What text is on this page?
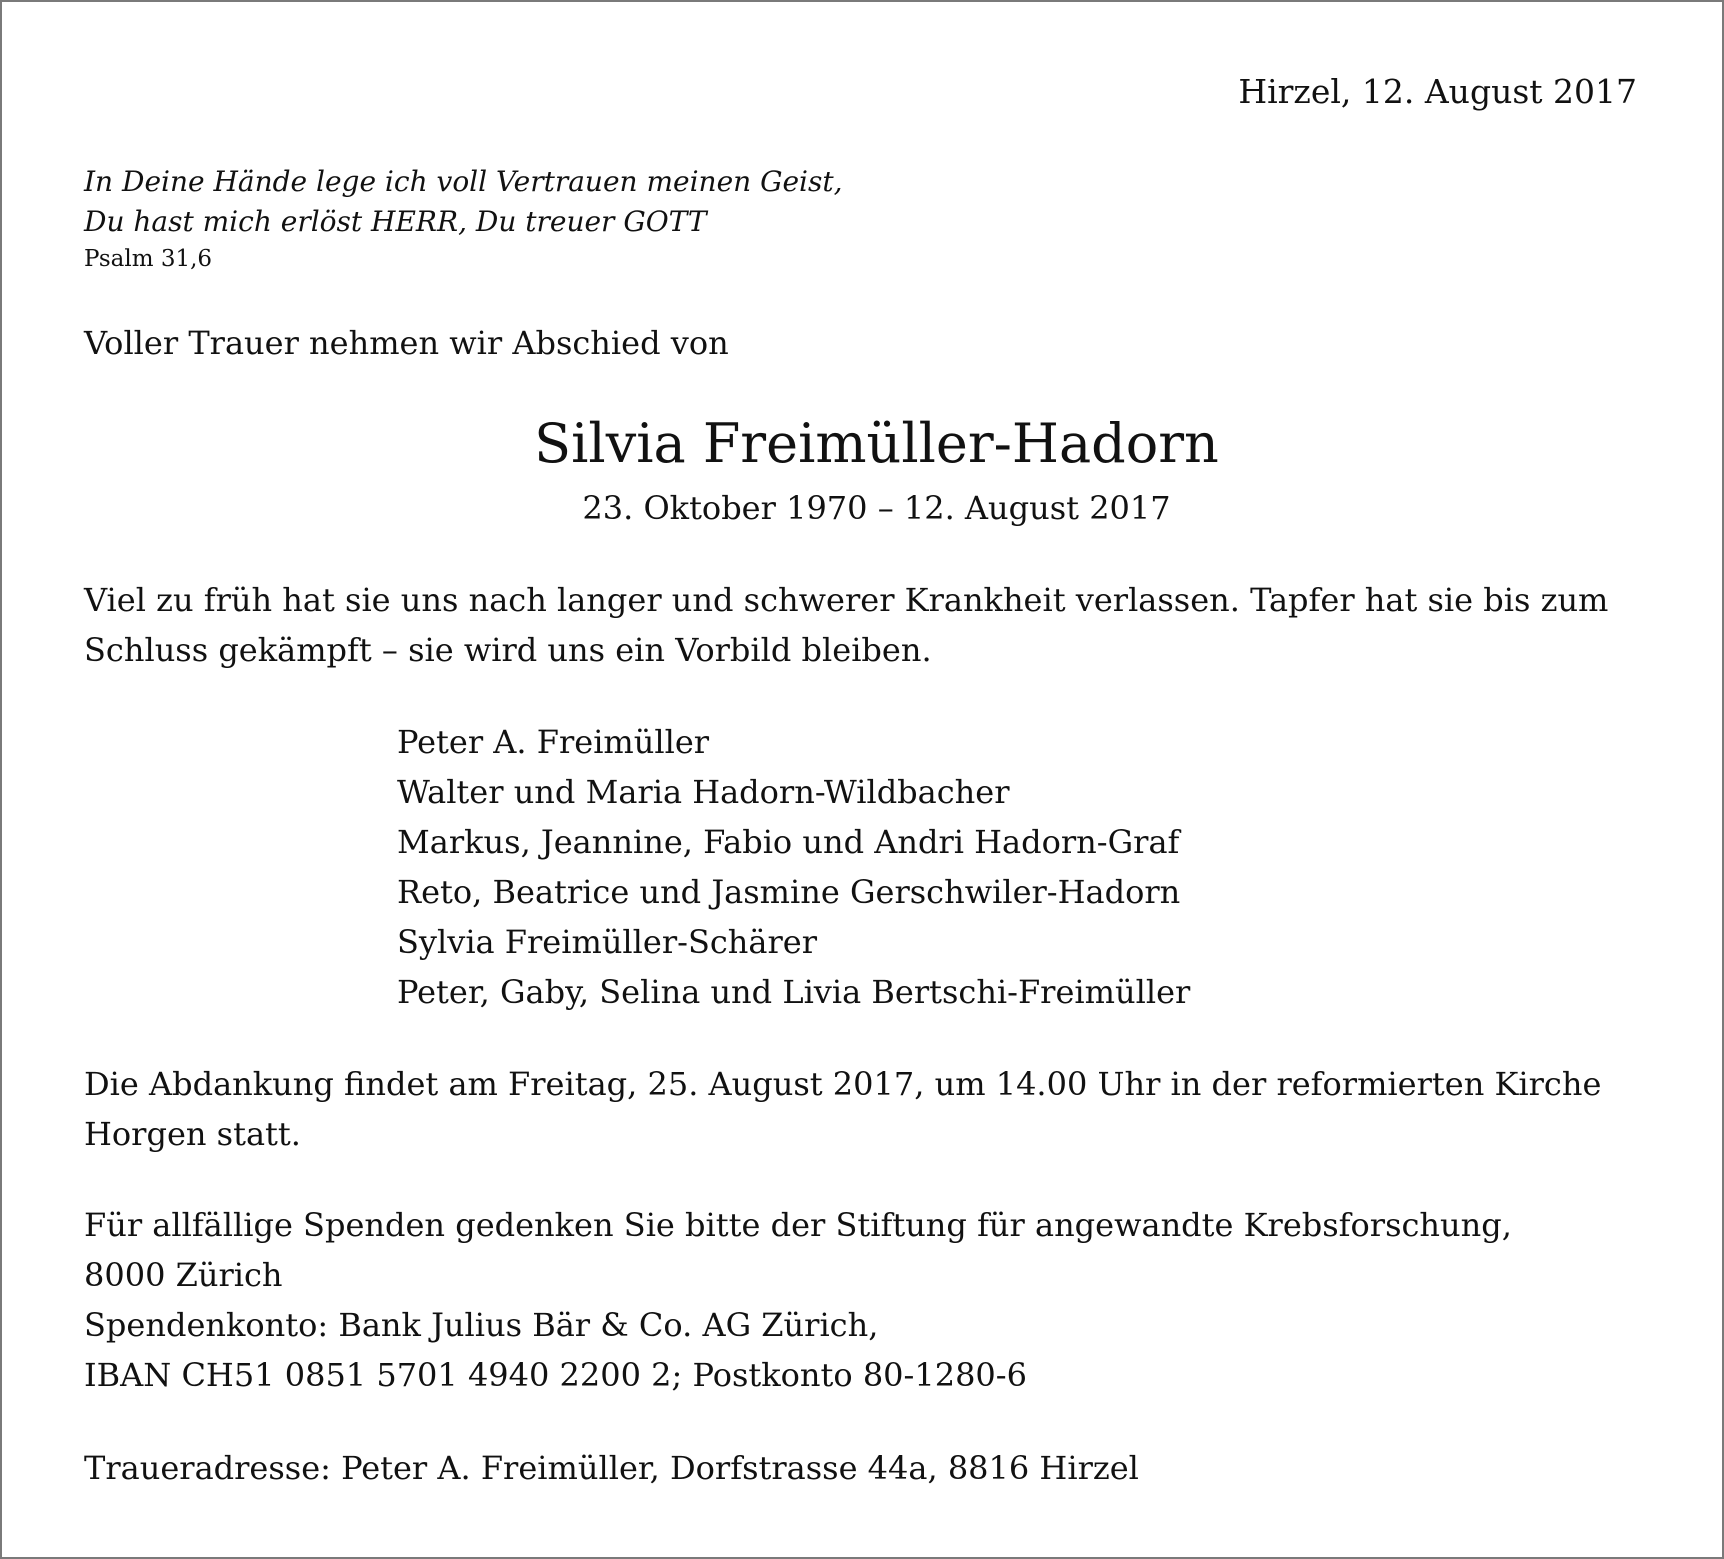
Hirzel, 12. August 2017
In Deine Hände lege ich voll Vertrauen meinen Geist,
Du hast mich erlöst HERR, Du treuer GOTT
Psalm 31,6
Voller Trauer nehmen wir Abschied von
Silvia Freimüller-Hadorn
23. Oktober 1970 – 12. August 2017

Viel zu früh hat sie uns nach langer und schwerer Krankheit verlassen. Tapfer hat sie bis zum Schluss gekämpft – sie wird uns ein Vorbild bleiben.

Peter A. Freimüller
Walter und Maria Hadorn-Wildbacher
Markus, Jeannine, Fabio und Andri Hadorn-Graf
Reto, Beatrice und Jasmine Gerschwiler-Hadorn
Sylvia Freimüller-Schärer
Peter, Gaby, Selina und Livia Bertschi-Freimüller

Die Abdankung findet am Freitag, 25. August 2017, um 14.00 Uhr in der reformierten Kirche Horgen statt.

Für allfällige Spenden gedenken Sie bitte der Stiftung für angewandte Krebsforschung,
8000 Zürich
Spendenkonto: Bank Julius Bär & Co. AG Zürich,
IBAN CH51 0851 5701 4940 2200 2; Postkonto 80-1280-6
Traueradresse: Peter A. Freimüller, Dorfstrasse 44a, 8816 Hirzel
